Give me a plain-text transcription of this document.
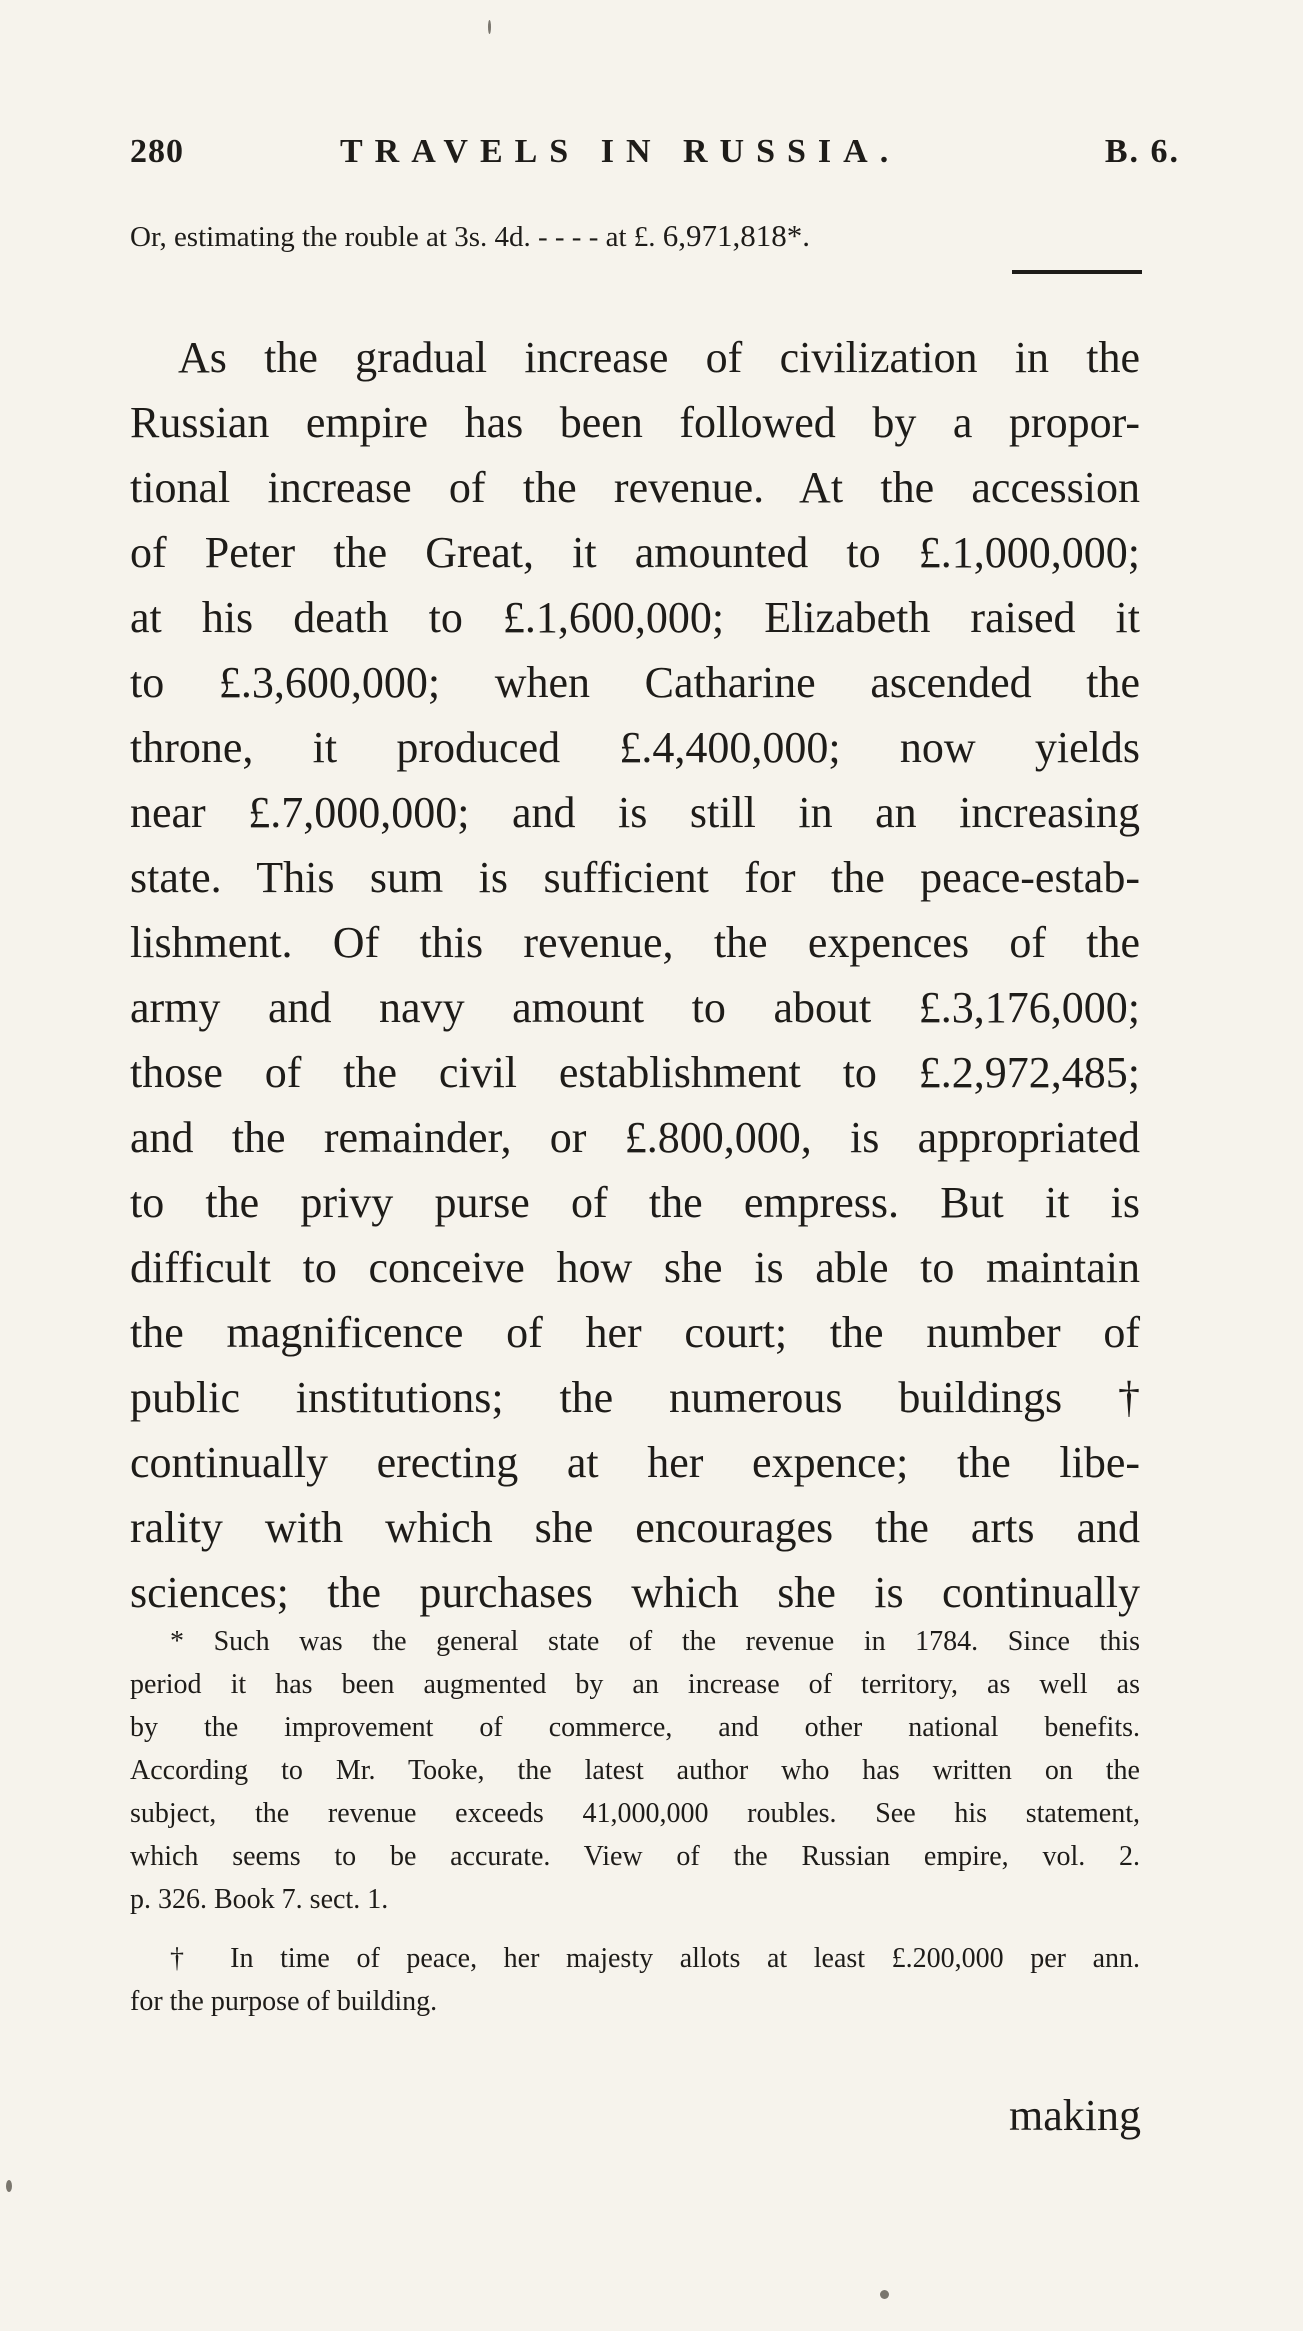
280	TRAVELS IN RUSSIA.	B. 6.
Or, estimating the rouble at 3s. 4d. - - - - at £. 6,971,818*.
As the gradual increase of civilization in the
Russian empire has been followed by a propor-
tional increase of the revenue. At the accession
of Peter the Great, it amounted to £.1,000,000;
at his death to £.1,600,000; Elizabeth raised it
to £.3,600,000; when Catharine ascended the
throne, it produced £.4,400,000; now yields
near £.7,000,000; and is still in an increasing
state. This sum is sufficient for the peace-estab-
lishment. Of this revenue, the expences of the
army and navy amount to about £.3,176,000;
those of the civil establishment to £.2,972,485;
and the remainder, or £.800,000, is appropriated
to the privy purse of the empress. But it is
difficult to conceive how she is able to maintain
the magnificence of her court; the number of
public institutions; the numerous buildings †
continually erecting at her expence; the libe-
rality with which she encourages the arts and
sciences; the purchases which she is continually
* Such was the general state of the revenue in 1784. Since this
period it has been augmented by an increase of territory, as well as
by the improvement of commerce, and other national benefits.
According to Mr. Tooke, the latest author who has written on the
subject, the revenue exceeds 41,000,000 roubles. See his statement,
which seems to be accurate. View of the Russian empire, vol. 2.
p. 326. Book 7. sect. 1.
† In time of peace, her majesty allots at least £.200,000 per ann.
for the purpose of building.
making
